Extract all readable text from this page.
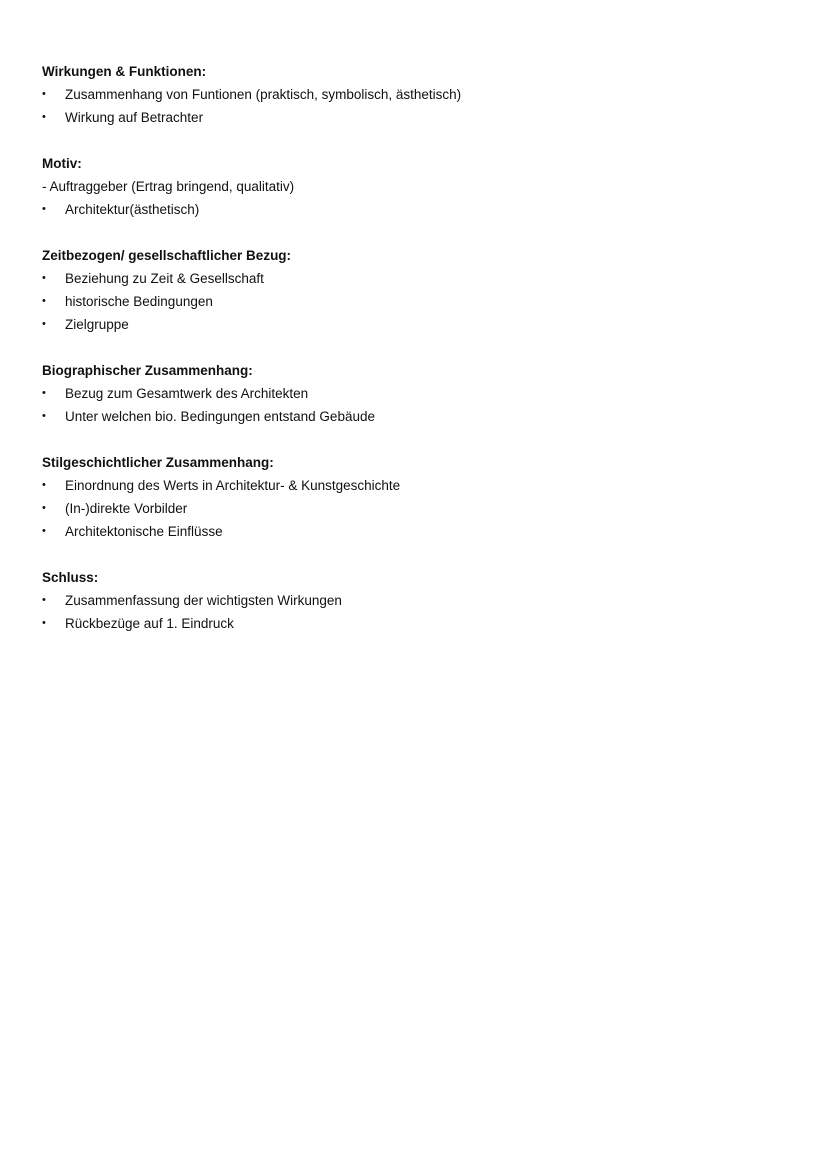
Wirkungen & Funktionen:
•	Zusammenhang von Funtionen (praktisch, symbolisch, ästhetisch)
•	Wirkung auf Betrachter
Motiv:
- Auftraggeber (Ertrag bringend, qualitativ)
•	Architektur(ästhetisch)
Zeitbezogen/ gesellschaftlicher Bezug:
•	Beziehung zu Zeit & Gesellschaft
•	historische Bedingungen
•	Zielgruppe
Biographischer Zusammenhang:
•	Bezug zum Gesamtwerk des Architekten
•	Unter welchen bio. Bedingungen entstand Gebäude
Stilgeschichtlicher Zusammenhang:
•	Einordnung des Werts in Architektur- & Kunstgeschichte
•	(In-)direkte Vorbilder
•	Architektonische Einflüsse
Schluss:
•	Zusammenfassung der wichtigsten Wirkungen
•	Rückbezüge auf 1. Eindruck
